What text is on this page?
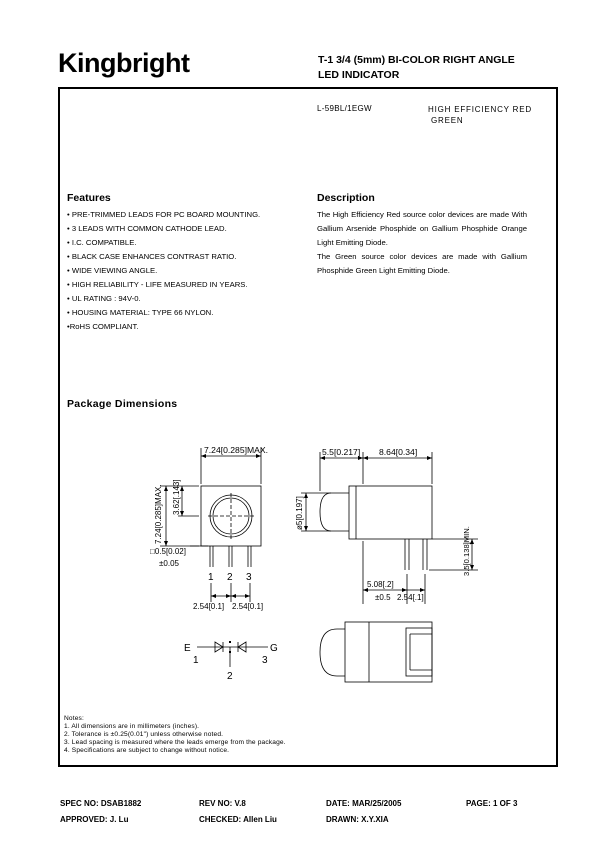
Kingbright	T-1 3/4 (5mm) BI-COLOR RIGHT ANGLE
LED INDICATOR
L-59BL/1EGW	HIGH EFFICIENCY RED
GREEN
Features
• PRE-TRIMMED LEADS FOR PC BOARD MOUNTING.
• 3 LEADS WITH COMMON CATHODE LEAD.
• I.C. COMPATIBLE.
• BLACK CASE ENHANCES CONTRAST RATIO.
• WIDE VIEWING ANGLE.
• HIGH RELIABILITY - LIFE MEASURED IN YEARS.
• UL RATING : 94V-0.
• HOUSING MATERIAL: TYPE 66 NYLON.
•RoHS COMPLIANT.
Description

The High Efficiency Red source color devices are made With Gallium Arsenide Phosphide on Gallium Phosphide Orange Light Emitting Diode.

The Green source color devices are made with Gallium Phosphide Green Light Emitting Diode.

Package Dimensions
7.24[0.285]MAX.
7.24[0.285]MAX. 3.62[.143]
□0.5[0.02]
±0.05
1 2 3
2.54[0.1] 2.54[0.1]
5.5[0.217] 8.64[0.34]
ø5[0.197]
3.5[0.138]MIN.
5.08[.2]
±0.5 2.54[.1]
E	G
1
2
3
Notes:
1. All dimensions are in millimeters (inches).
2. Tolerance is ±0.25(0.01") unless otherwise noted.
3. Lead spacing is measured where the leads emerge from the package.
4. Specifications are subject to change without notice.
SPEC NO: DSAB1882	REV NO: V.8	DATE: MAR/25/2005	PAGE: 1 OF 3
APPROVED: J. Lu	CHECKED: Allen Liu	DRAWN: X.Y.XIA
